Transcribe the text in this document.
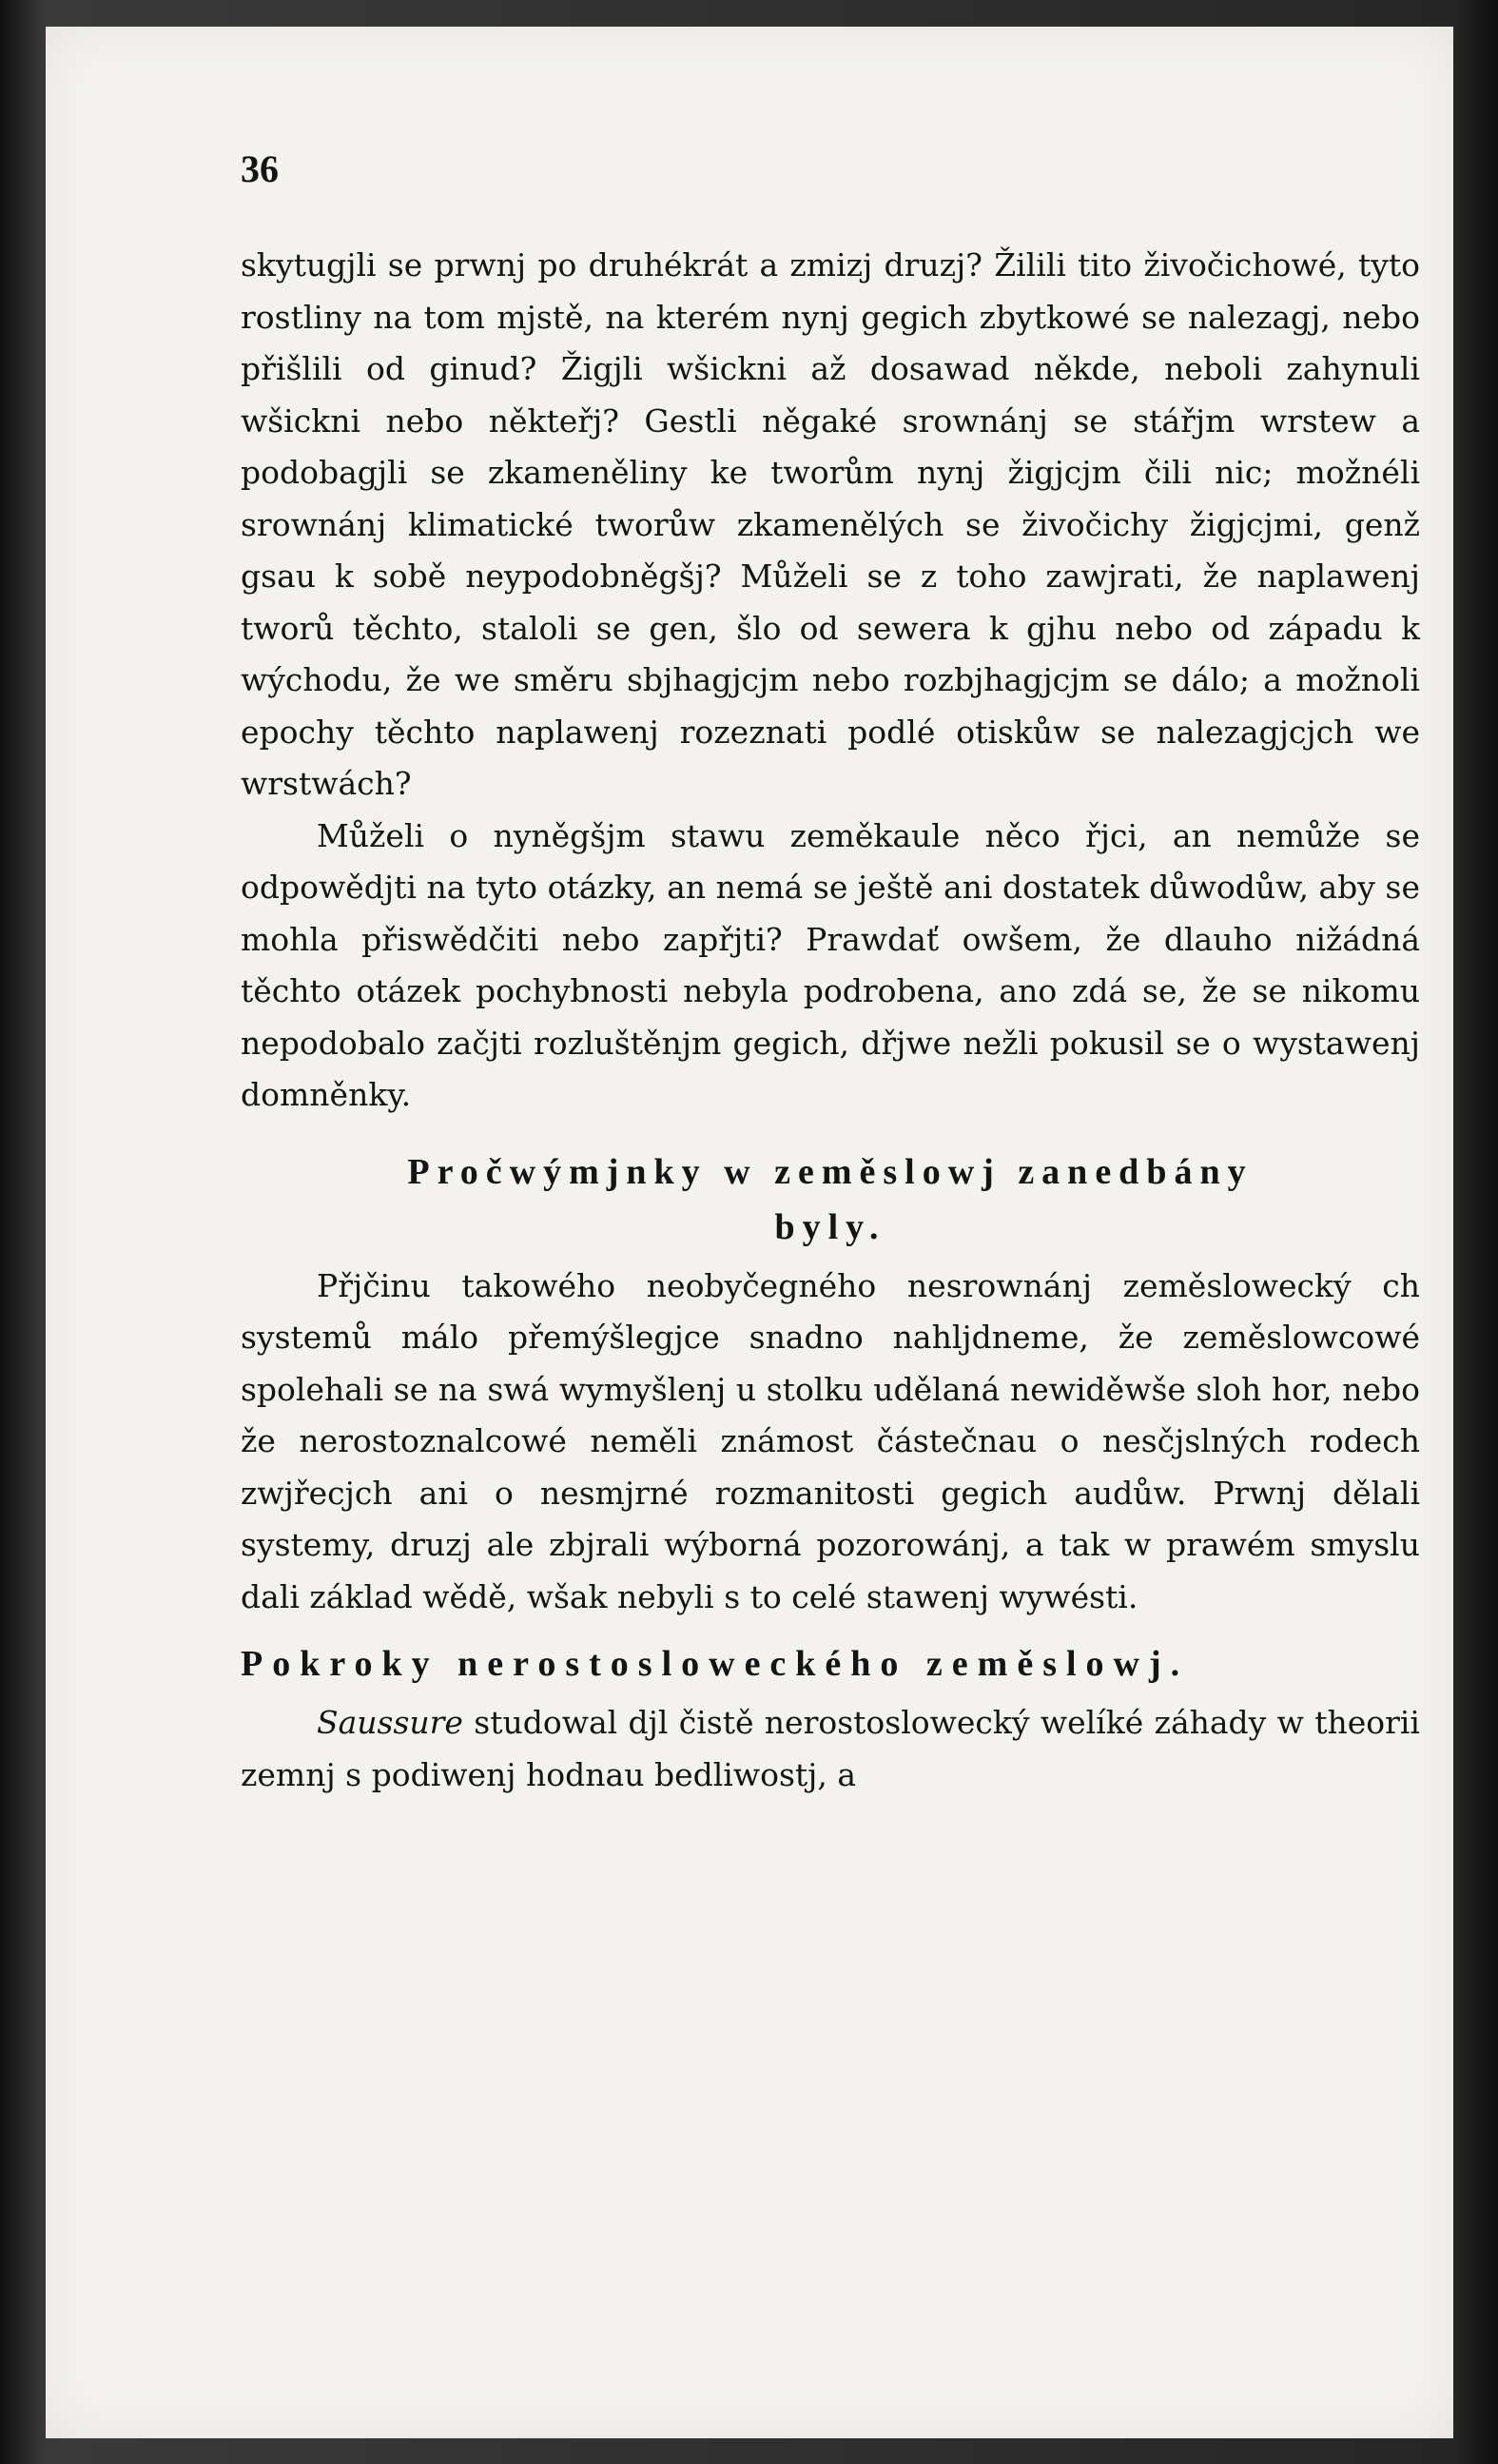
36

skytugjli se prwnj po druhékrát a zmizj druzj? Žilili tito živočichowé, tyto rostliny na tom mjstě, na kterém nynj gegich zbytkowé se nalezagj, nebo přišlili od ginud? Žigjli wšickni až dosawad někde, neboli zahynuli wšickni nebo někteřj? Gestli něgaké srownánj se stářjm wrstew a podobagjli se zkameněliny ke tworům nynj žigjcjm čili nic; možnéli srownánj klimatické tworůw zkamenělých se živočichy žigjcjmi, genž gsau k sobě neypodobněgšj? Můželi se z toho zawjrati, že naplawenj tworů těchto, staloli se gen, šlo od sewera k gjhu nebo od západu k wýchodu, že we směru sbjhagjcjm nebo rozbjhagjcjm se dálo; a možnoli epochy těchto naplawenj rozeznati podlé otiskůw se nalezagjcjch we wrstwách?

Můželi o nyněgšjm stawu zeměkaule něco řjci, an nemůže se odpowědjti na tyto otázky, an nemá se ještě ani dostatek důwodůw, aby se mohla přiswědčiti nebo zapřjti? Prawdať owšem, že dlauho nižádná těchto otázek pochybnosti nebyla podrobena, ano zdá se, že se nikomu nepodobalo začjti rozluštěnjm gegich, dřjwe nežli pokusil se o wystawenj domněnky.

Pročwýmjnky w zeměslowj zanedbány
byly.

Přjčinu takowého neobyčegného nesrownánj zeměslowecký ch systemů málo přemýšlegjce snadno nahljdneme, že zeměslowcowé spolehali se na swá wymyšlenj u stolku udělaná newiděwše sloh hor, nebo že nerostoznalcowé neměli známost částečnau o nesčjslných rodech zwjřecjch ani o nesmjrné rozmanitosti gegich audůw. Prwnj dělali systemy, druzj ale zbjrali wýborná pozorowánj, a tak w prawém smyslu dali základ wědě, wšak nebyli s to celé stawenj wywésti.

Pokroky nerostosloweckého zeměslowj.

Saussure studowal djl čistě nerostoslowecký welíké záhady w theorii zemnj s podiwenj hodnau bedliwostj, a
